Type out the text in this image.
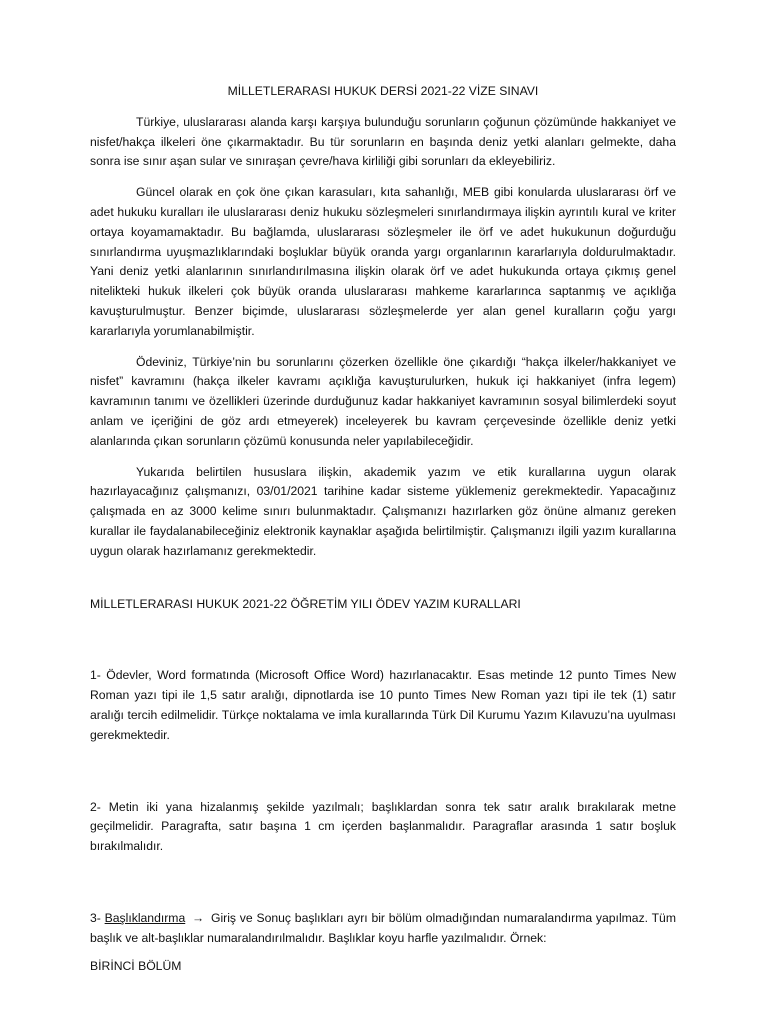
MİLLETLERARASI HUKUK DERSİ 2021-22 VİZE SINAVI

Türkiye, uluslararası alanda karşı karşıya bulunduğu sorunların çoğunun çözümünde hakkaniyet ve nisfet/hakça ilkeleri öne çıkarmaktadır. Bu tür sorunların en başında deniz yetki alanları gelmekte, daha sonra ise sınır aşan sular ve sınıraşan çevre/hava kirliliği gibi sorunları da ekleyebiliriz.

Güncel olarak en çok öne çıkan karasuları, kıta sahanlığı, MEB gibi konularda uluslararası örf ve adet hukuku kuralları ile uluslararası deniz hukuku sözleşmeleri sınırlandırmaya ilişkin ayrıntılı kural ve kriter ortaya koyamamaktadır. Bu bağlamda, uluslararası sözleşmeler ile örf ve adet hukukunun doğurduğu sınırlandırma uyuşmazlıklarındaki boşluklar büyük oranda yargı organlarının kararlarıyla doldurulmaktadır. Yani deniz yetki alanlarının sınırlandırılmasına ilişkin olarak örf ve adet hukukunda ortaya çıkmış genel nitelikteki hukuk ilkeleri çok büyük oranda uluslararası mahkeme kararlarınca saptanmış ve açıklığa kavuşturulmuştur. Benzer biçimde, uluslararası sözleşmelerde yer alan genel kuralların çoğu yargı kararlarıyla yorumlanabilmiştir.

Ödeviniz, Türkiye’nin bu sorunlarını çözerken özellikle öne çıkardığı “hakça ilkeler/hakkaniyet ve nisfet” kavramını (hakça ilkeler kavramı açıklığa kavuşturulurken, hukuk içi hakkaniyet (infra legem) kavramının tanımı ve özellikleri üzerinde durduğunuz kadar hakkaniyet kavramının sosyal bilimlerdeki soyut anlam ve içeriğini de göz ardı etmeyerek) inceleyerek bu kavram çerçevesinde özellikle deniz yetki alanlarında çıkan sorunların çözümü konusunda neler yapılabileceğidir.

Yukarıda belirtilen hususlara ilişkin, akademik yazım ve etik kurallarına uygun olarak hazırlayacağınız çalışmanızı, 03/01/2021 tarihine kadar sisteme yüklemeniz gerekmektedir. Yapacağınız çalışmada en az 3000 kelime sınırı bulunmaktadır. Çalışmanızı hazırlarken göz önüne almanız gereken kurallar ile faydalanabileceğiniz elektronik kaynaklar aşağıda belirtilmiştir. Çalışmanızı ilgili yazım kurallarına uygun olarak hazırlamanız gerekmektedir.

MİLLETLERARASI HUKUK 2021-22 ÖĞRETİM YILI ÖDEV YAZIM KURALLARI

1- Ödevler, Word formatında (Microsoft Office Word) hazırlanacaktır. Esas metinde 12 punto Times New Roman yazı tipi ile 1,5 satır aralığı, dipnotlarda ise 10 punto Times New Roman yazı tipi ile tek (1) satır aralığı tercih edilmelidir. Türkçe noktalama ve imla kurallarında Türk Dil Kurumu Yazım Kılavuzu’na uyulması gerekmektedir.

2- Metin iki yana hizalanmış şekilde yazılmalı; başlıklardan sonra tek satır aralık bırakılarak metne geçilmelidir. Paragrafta, satır başına 1 cm içerden başlanmalıdır. Paragraflar arasında 1 satır boşluk bırakılmalıdır.

3- Başlıklandırma → Giriş ve Sonuç başlıkları ayrı bir bölüm olmadığından numaralandırma yapılmaz. Tüm başlık ve alt-başlıklar numaralandırılmalıdır. Başlıklar koyu harfle yazılmalıdır. Örnek:

BİRİNCİ BÖLÜM
